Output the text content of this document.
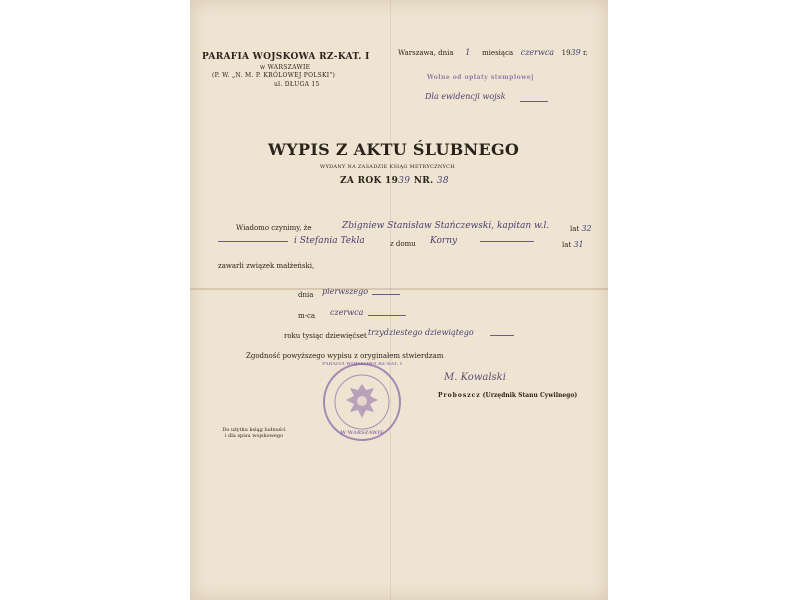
PARAFIA WOJSKOWA RZ-KAT. I
w WARSZAWIE
(P. W. „N. M. P. KRÓLOWEJ POLSKI")
ul. DŁUGA 15
Warszawa, dnia 1 miesiąca czerwca 1939 r.
Wolne od opłaty stemplowej
Dla ewidencji wojsk
WYPIS Z AKTU ŚLUBNEGO
WYDANY NA ZASADZIE KSIĄG METRYCZNYCH
ZA ROK 1939 NR. 38
Wiadomo czynimy, że	Zbigniew Stanisław Stańczewski, kapitan w.l.	lat 32
i Stefania Tekla	z domu Korny	lat 31
zawarli związek małżeński,
dnia pierwszego
m-ca czerwca
roku tysiąc dziewięćset trzydziestego dziewiątego
Zgodność powyższego wypisu z oryginałem stwierdzam
PARAFIA WOJSKOWA RZ-KAT. I
W WARSZAWIE
M. Kowalski
Proboszcz (Urzędnik Stanu Cywilnego)
Do użytku ksiąg ludności
i dla spisu wojskowego
